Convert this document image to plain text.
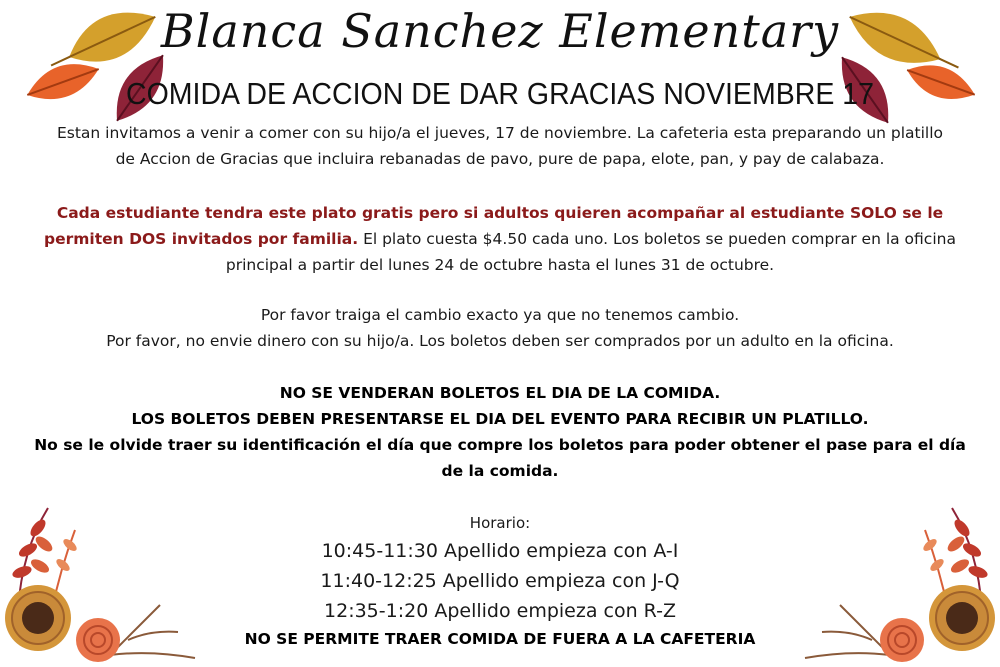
Blanca Sanchez Elementary
COMIDA DE ACCION DE DAR GRACIAS NOVIEMBRE 17
Estan invitamos a venir a comer con su hijo/a el jueves, 17 de noviembre. La cafeteria esta preparando un platillo
de Accion de Gracias que incluira rebanadas de pavo, pure de papa, elote, pan, y pay de calabaza.
Cada estudiante tendra este plato gratis pero si adultos quieren acompañar al estudiante SOLO se le
permiten DOS invitados por familia. El plato cuesta $4.50 cada uno. Los boletos se pueden comprar en la oficina
principal a partir del lunes 24 de octubre hasta el lunes 31 de octubre.
Por favor traiga el cambio exacto ya que no tenemos cambio.
Por favor, no envie dinero con su hijo/a. Los boletos deben ser comprados por un adulto en la oficina.
NO SE VENDERAN BOLETOS EL DIA DE LA COMIDA.
LOS BOLETOS DEBEN PRESENTARSE EL DIA DEL EVENTO PARA RECIBIR UN PLATILLO.
No se le olvide traer su identificación el día que compre los boletos para poder obtener el pase para el día
de la comida.
Horario:
10:45-11:30 Apellido empieza con A-I
11:40-12:25 Apellido empieza con J-Q
12:35-1:20 Apellido empieza con R-Z
NO SE PERMITE TRAER COMIDA DE FUERA A LA CAFETERIA
